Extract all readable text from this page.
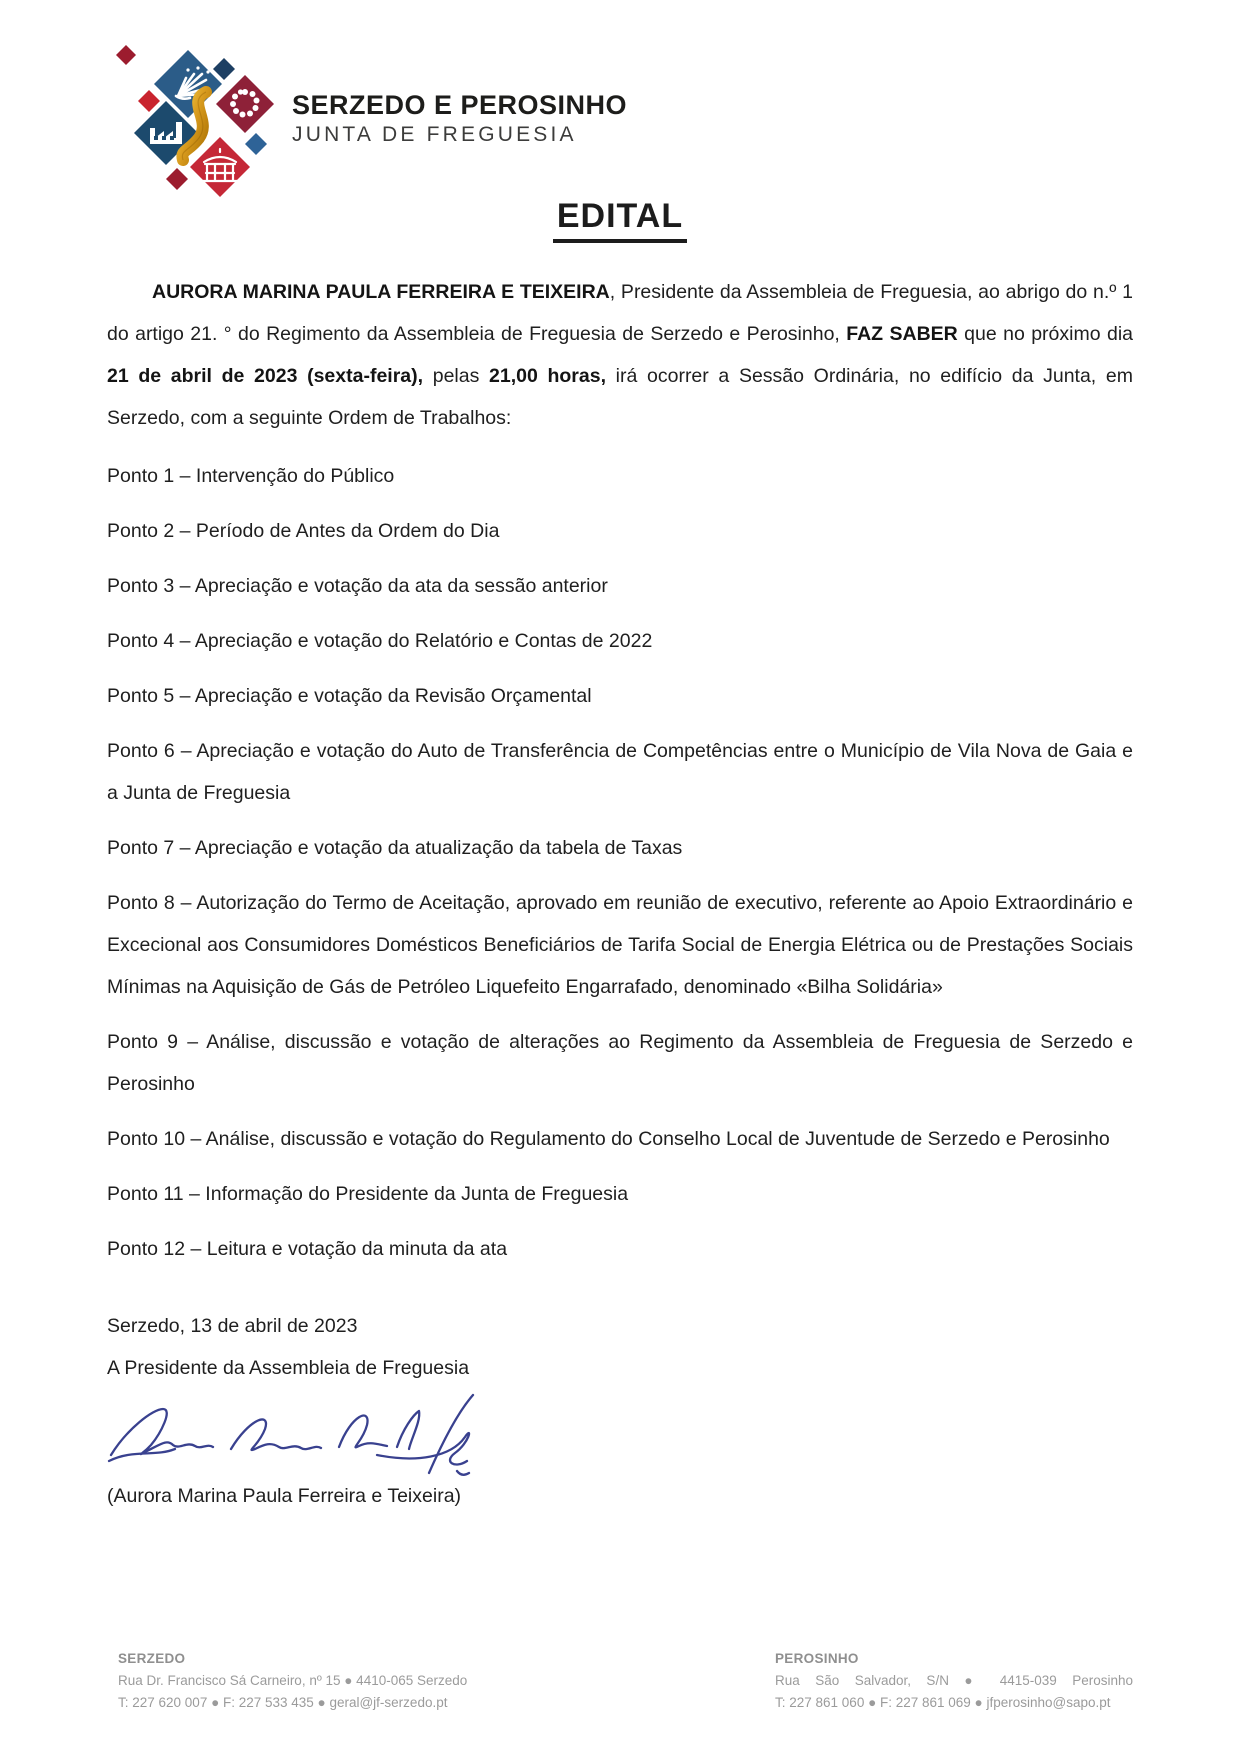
SERZEDO E PEROSINHO
JUNTA DE FREGUESIA
EDITAL

AURORA MARINA PAULA FERREIRA E TEIXEIRA, Presidente da Assembleia de Freguesia, ao abrigo do n.º 1 do artigo 21. ° do Regimento da Assembleia de Freguesia de Serzedo e Perosinho, FAZ SABER que no próximo dia 21 de abril de 2023 (sexta-feira), pelas 21,00 horas, irá ocorrer a Sessão Ordinária, no edifício da Junta, em Serzedo, com a seguinte Ordem de Trabalhos:

Ponto 1 – Intervenção do Público

Ponto 2 – Período de Antes da Ordem do Dia

Ponto 3 – Apreciação e votação da ata da sessão anterior

Ponto 4 – Apreciação e votação do Relatório e Contas de 2022

Ponto 5 – Apreciação e votação da Revisão Orçamental

Ponto 6 – Apreciação e votação do Auto de Transferência de Competências entre o Município de Vila Nova de Gaia e a Junta de Freguesia

Ponto 7 – Apreciação e votação da atualização da tabela de Taxas

Ponto 8 – Autorização do Termo de Aceitação, aprovado em reunião de executivo, referente ao Apoio Extraordinário e Excecional aos Consumidores Domésticos Beneficiários de Tarifa Social de Energia Elétrica ou de Prestações Sociais Mínimas na Aquisição de Gás de Petróleo Liquefeito Engarrafado, denominado «Bilha Solidária»

Ponto 9 – Análise, discussão e votação de alterações ao Regimento da Assembleia de Freguesia de Serzedo e Perosinho

Ponto 10 – Análise, discussão e votação do Regulamento do Conselho Local de Juventude de Serzedo e Perosinho

Ponto 11 – Informação do Presidente da Junta de Freguesia

Ponto 12 – Leitura e votação da minuta da ata

Serzedo, 13 de abril de 2023

A Presidente da Assembleia de Freguesia

(Aurora Marina Paula Ferreira e Teixeira)

SERZEDO
Rua Dr. Francisco Sá Carneiro, nº 15 ● 4410-065 Serzedo
T: 227 620 007 ● F: 227 533 435 ● geral@jf-serzedo.pt
PEROSINHO
Rua São Salvador, S/N ● 4415-039 Perosinho
T: 227 861 060 ● F: 227 861 069 ● jfperosinho@sapo.pt
